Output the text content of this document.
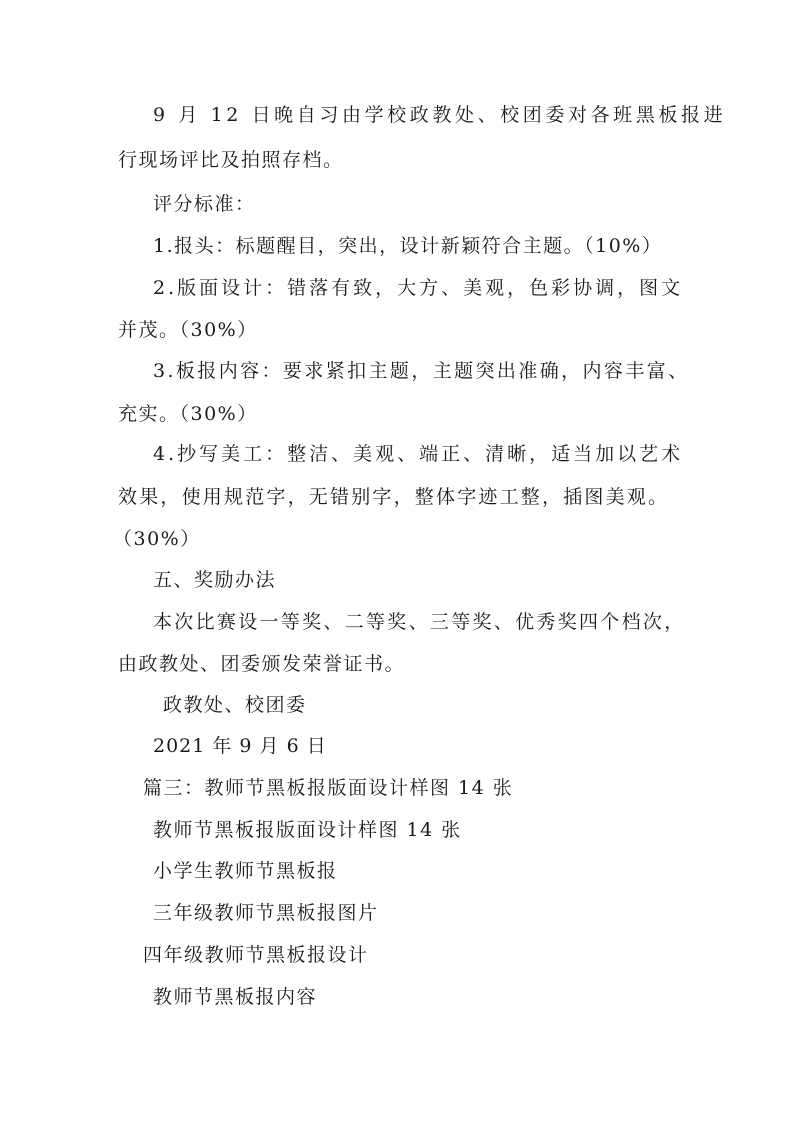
9 月 12 日晚自习由学校政教处、校团委对各班黑板报进
行现场评比及拍照存档。
评分标准：
1.报头：标题醒目，突出，设计新颖符合主题。（10%）
2.版面设计：错落有致，大方、美观，色彩协调，图文
并茂。（30%）
3.板报内容：要求紧扣主题，主题突出准确，内容丰富、
充实。（30%）
4.抄写美工：整洁、美观、端正、清晰，适当加以艺术
效果，使用规范字，无错别字，整体字迹工整，插图美观。
（30%）
五、奖励办法
本次比赛设一等奖、二等奖、三等奖、优秀奖四个档次，
由政教处、团委颁发荣誉证书。
政教处、校团委
2021 年 9 月 6 日
篇三：教师节黑板报版面设计样图 14 张
教师节黑板报版面设计样图 14 张
小学生教师节黑板报
三年级教师节黑板报图片
四年级教师节黑板报设计
教师节黑板报内容
